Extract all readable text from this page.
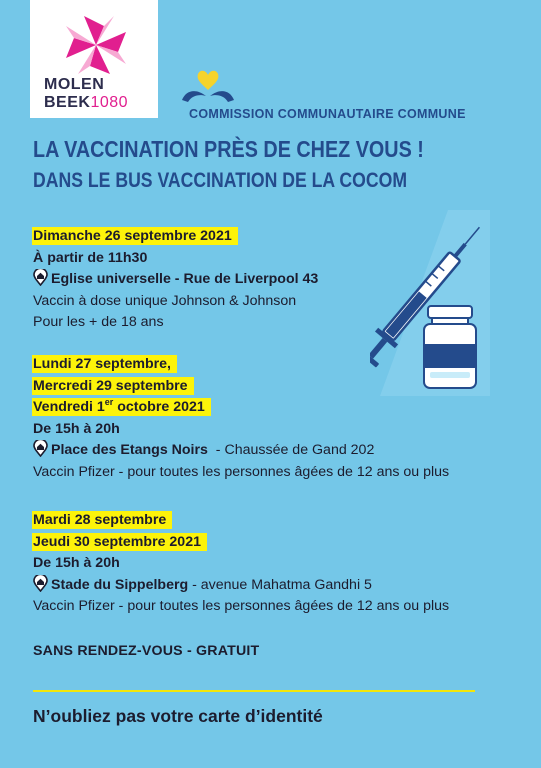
MOLEN
BEEK1080
COMMISSION COMMUNAUTAIRE COMMUNE
LA VACCINATION PRÈS DE CHEZ VOUS !
DANS LE BUS VACCINATION DE LA COCOM
Dimanche 26 septembre 2021
À partir de 11h30
Eglise universelle - Rue de Liverpool 43
Vaccin à dose unique Johnson & Johnson
Pour les + de 18 ans
Lundi 27 septembre,
Mercredi 29 septembre
Vendredi 1er octobre 2021
De 15h à 20h
Place des Etangs Noirs  - Chaussée de Gand 202
Vaccin Pfizer - pour toutes les personnes âgées de 12 ans ou plus
Mardi 28 septembre
Jeudi 30 septembre 2021
De 15h à 20h
Stade du Sippelberg - avenue Mahatma Gandhi 5
Vaccin Pfizer - pour toutes les personnes âgées de 12 ans ou plus
SANS RENDEZ-VOUS - GRATUIT
N’oubliez pas votre carte d’identité
